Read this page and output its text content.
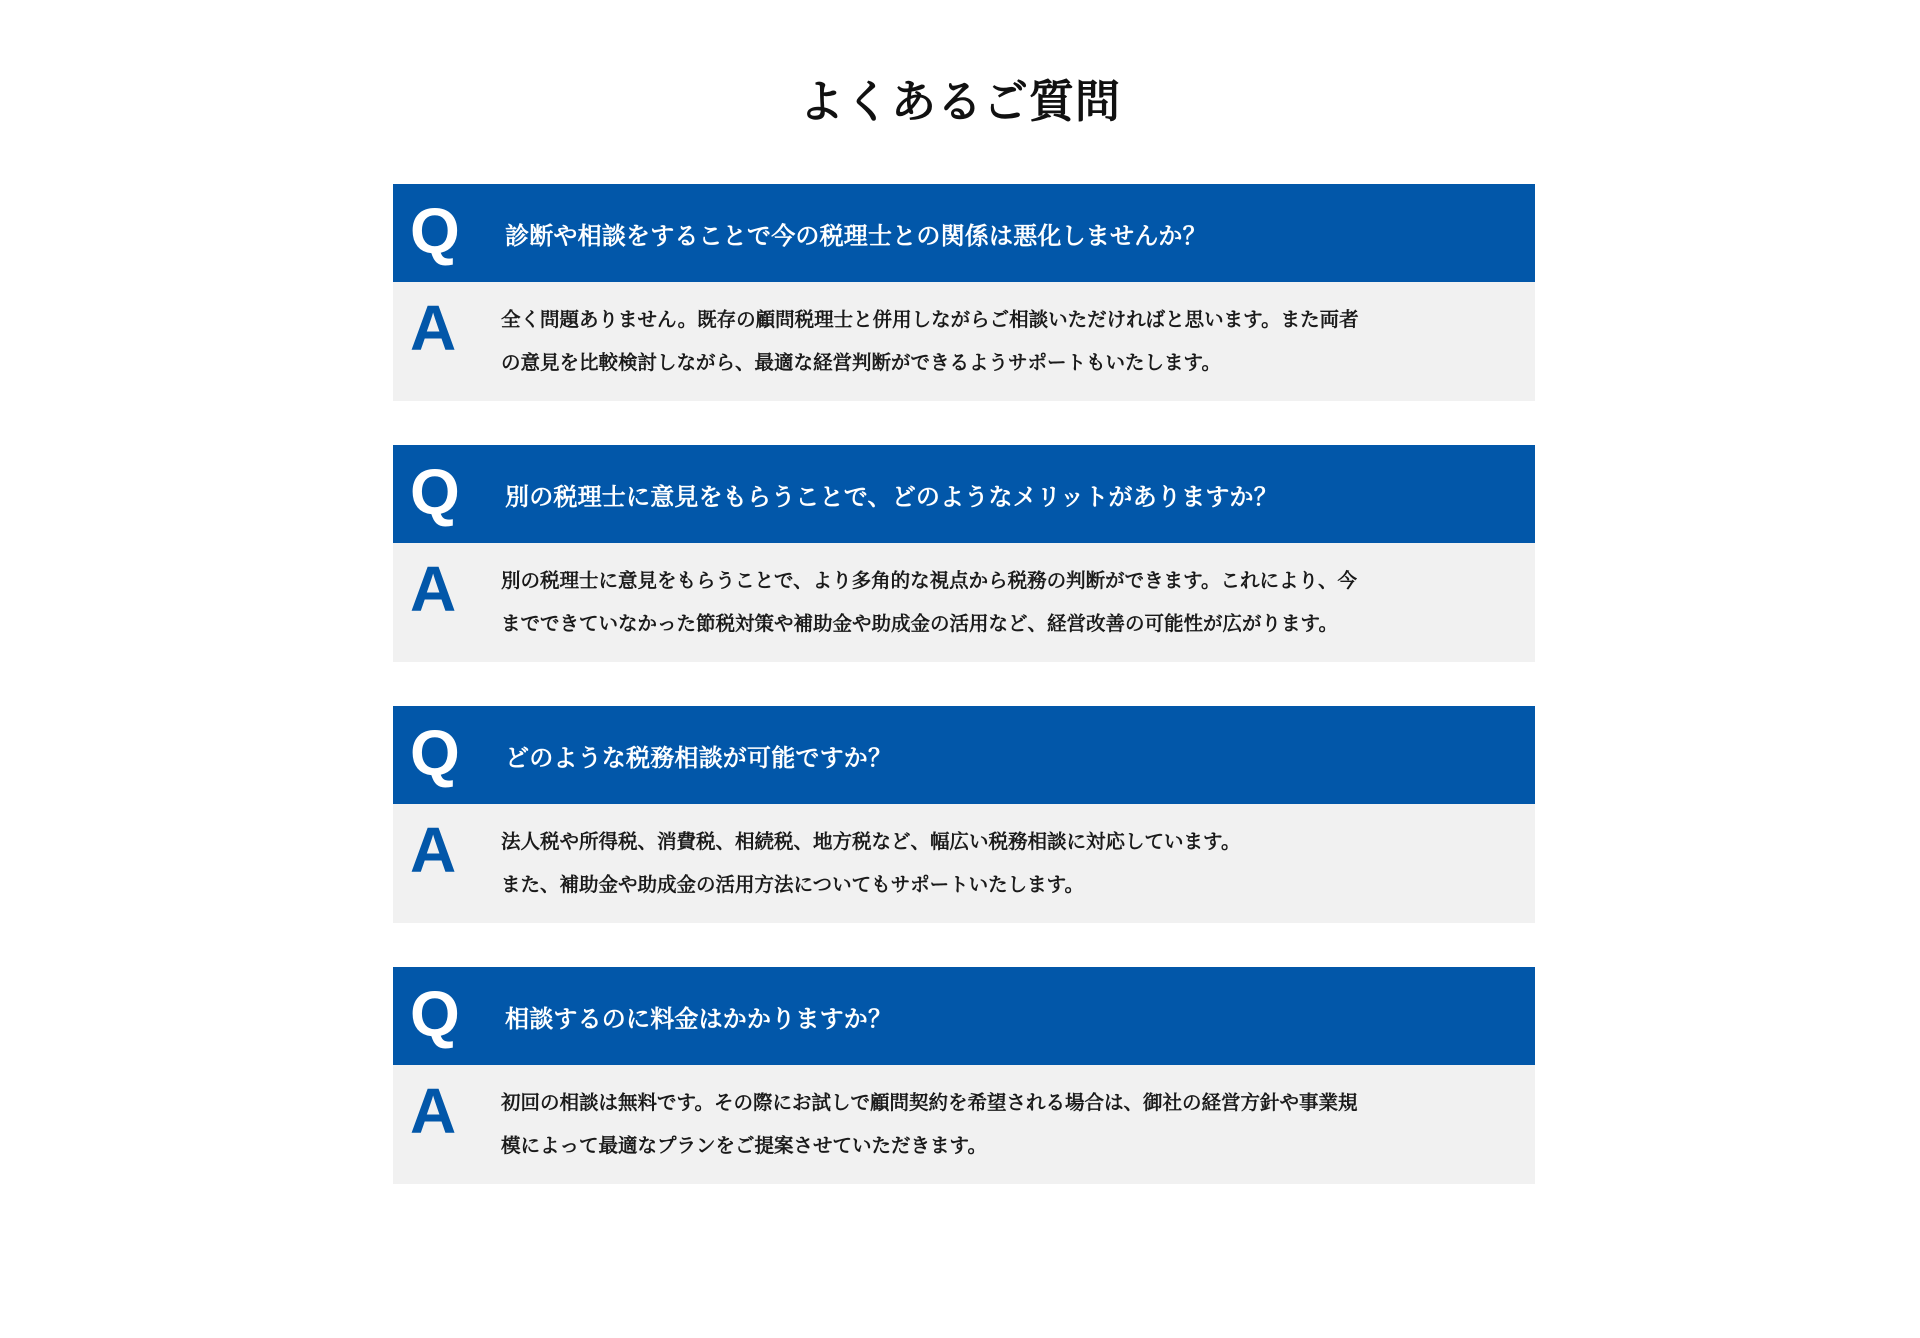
よくあるご質問
Q	診断や相談をすることで今の税理士との関係は悪化しませんか？
A	全く問題ありません。既存の顧問税理士と併用しながらご相談いただければと思います。また両者の意見を比較検討しながら、最適な経営判断ができるようサポートもいたします。
Q	別の税理士に意見をもらうことで、どのようなメリットがありますか？
A	別の税理士に意見をもらうことで、より多角的な視点から税務の判断ができます。これにより、今までできていなかった節税対策や補助金や助成金の活用など、経営改善の可能性が広がります。
Q	どのような税務相談が可能ですか？
A	法人税や所得税、消費税、相続税、地方税など、幅広い税務相談に対応しています。
また、補助金や助成金の活用方法についてもサポートいたします。
Q	相談するのに料金はかかりますか？
A	初回の相談は無料です。その際にお試しで顧問契約を希望される場合は、御社の経営方針や事業規模によって最適なプランをご提案させていただきます。
